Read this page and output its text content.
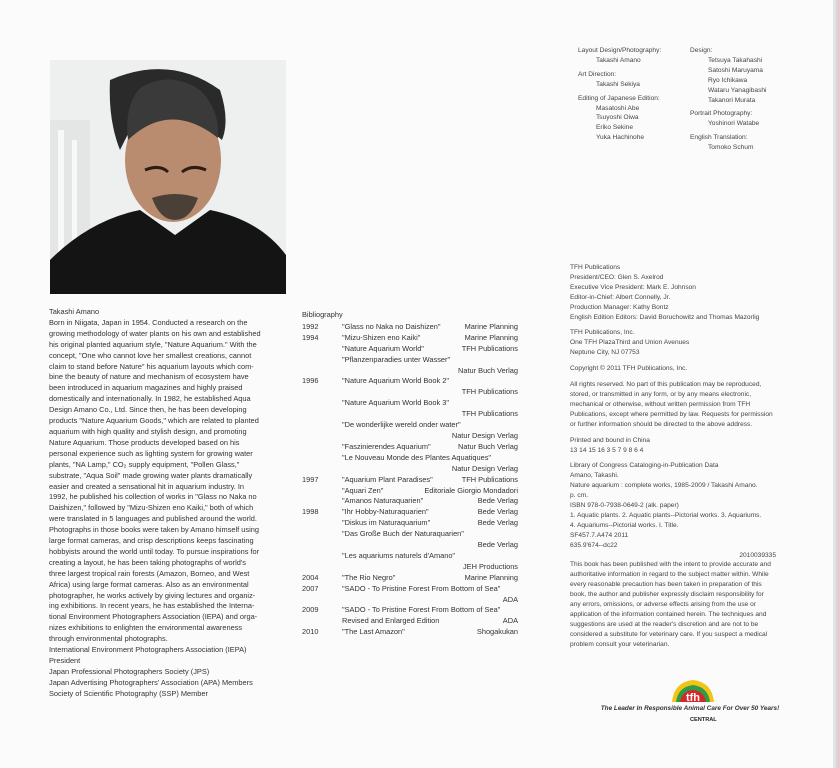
Takashi Amano
Born in Niigata, Japan in 1954. Conducted a research on the
growing methodology of water plants on his own and established
his original planted aquarium style, "Nature Aquarium." With the
concept, "One who cannot love her smallest creations, cannot
claim to stand before Nature" his aquarium layouts which com-
bine the beauty of nature and mechanism of ecosystem have
been introduced in aquarium magazines and highly praised
domestically and internationally. In 1982, he established Aqua
Design Amano Co., Ltd. Since then, he has been developing
products "Nature Aquarium Goods," which are related to planted
aquarium with high quality and stylish design, and promoting
Nature Aquarium. Those products developed based on his
personal experience such as lighting system for growing water
plants, "NA Lamp," CO₂ supply equipment, "Pollen Glass,"
substrate, "Aqua Soil" made growing water plants dramatically
easier and created a sensational hit in aquarium industry. In
1992, he published his collection of works in "Glass no Naka no
Daishizen," followed by "Mizu-Shizen eno Kaiki," both of which
were translated in 5 languages and published around the world.
Photographs in those books were taken by Amano himself using
large format cameras, and crisp descriptions keeps fascinating
hobbyists around the world until today. To pursue inspirations for
creating a layout, he has been taking photographs of world's
three largest tropical rain forests (Amazon, Borneo, and West
Africa) using large format cameras. Also as an environmental
photographer, he works actively by giving lectures and organiz-
ing exhibitions. In recent years, he has established the Interna-
tional Environment Photographers Association (IEPA) and orga-
nizes exhibitions to enlighten the environmental awareness
through environmental photographs.
International Environment Photographers Association (IEPA)
President
Japan Professional Photographers Society (JPS)
Japan Advertising Photographers' Association (APA) Members
Society of Scientific Photography (SSP) Member
Bibliography
1992	"Glass no Naka no Daishizen"	Marine Planning
1994	"Mizu-Shizen eno Kaiki"	Marine Planning
"Nature Aquarium World"	TFH Publications
"Pflanzenparadies unter Wasser"
Natur Buch Verlag
1996	"Nature Aquarium World Book 2"
TFH Publications
"Nature Aquarium World Book 3"
TFH Publications
"De wonderlijke wereld onder water"
Natur Design Verlag
"Faszinierendes Aquarium"	Natur Buch Verlag
"Le Nouveau Monde des Plantes Aquatiques"
Natur Design Verlag
1997	"Aquarium Plant Paradises"	TFH Publications
"Aquari Zen"	Editoriale Giorgio Mondadori
"Amanos Naturaquarien"	Bede Verlag
1998	"Ihr Hobby-Naturaquarien"	Bede Verlag
"Diskus im Naturaquarium"	Bede Verlag
"Das Große Buch der Naturaquarien"
Bede Verlag
"Les aquariums naturels d'Amano"
JEH Productions
2004	"The Rio Negro"	Marine Planning
2007	"SADO - To Pristine Forest From Bottom of Sea"
ADA
2009	"SADO - To Pristine Forest From Bottom of Sea"
Revised and Enlarged Edition	ADA
2010	"The Last Amazon"	Shogakukan
Layout Design/Photography:
Takashi Amano
Art Direction:
Takashi Sekiya
Editing of Japanese Edition:
Masatoshi Abe
Tsuyoshi Oiwa
Eriko Sekine
Yuka Hachinohe
Design:
Tetsuya Takahashi
Satoshi Maruyama
Ryo Ichikawa
Wataru Yanagibashi
Takanori Murata
Portrait Photography:
Yoshinori Watabe
English Translation:
Tomoko Schum
TFH Publications
President/CEO: Glen S. Axelrod
Executive Vice President: Mark E. Johnson
Editor-in-Chief: Albert Connelly, Jr.
Production Manager: Kathy Bontz
English Edition Editors: David Boruchowitz and Thomas Mazorlig
TFH Publications, Inc.
One TFH PlazaThird and Union Avenues
Neptune City, NJ 07753
Copyright © 2011 TFH Publications, Inc.
All rights reserved. No part of this publication may be reproduced,
stored, or transmitted in any form, or by any means electronic,
mechanical or otherwise, without written permission from TFH
Publications, except where permitted by law. Requests for permission
or further information should be directed to the above address.
Printed and bound in China
13 14 15 16 3 5 7 9 8 6 4
Library of Congress Cataloging-in-Publication Data
Amano, Takashi.
Nature aquarium : complete works, 1985-2009 / Takashi Amano.
p. cm.
ISBN 978-0-7938-0649-2 (alk. paper)
1. Aquatic plants. 2. Aquatic plants--Pictorial works. 3. Aquariums.
4. Aquariums--Pictorial works. I. Title.
SF457.7.A474 2011
635.9'674--dc22
2010039335
This book has been published with the intent to provide accurate and
authoritative information in regard to the subject matter within. While
every reasonable precaution has been taken in preparation of this
book, the author and publisher expressly disclaim responsibility for
any errors, omissions, or adverse effects arising from the use or
application of the information contained herein. The techniques and
suggestions are used at the reader's discretion and are not to be
considered a substitute for veterinary care. If you suspect a medical
problem consult your veterinarian.
tfh
The Leader In Responsible Animal Care For Over 50 Years!
CENTRAL
